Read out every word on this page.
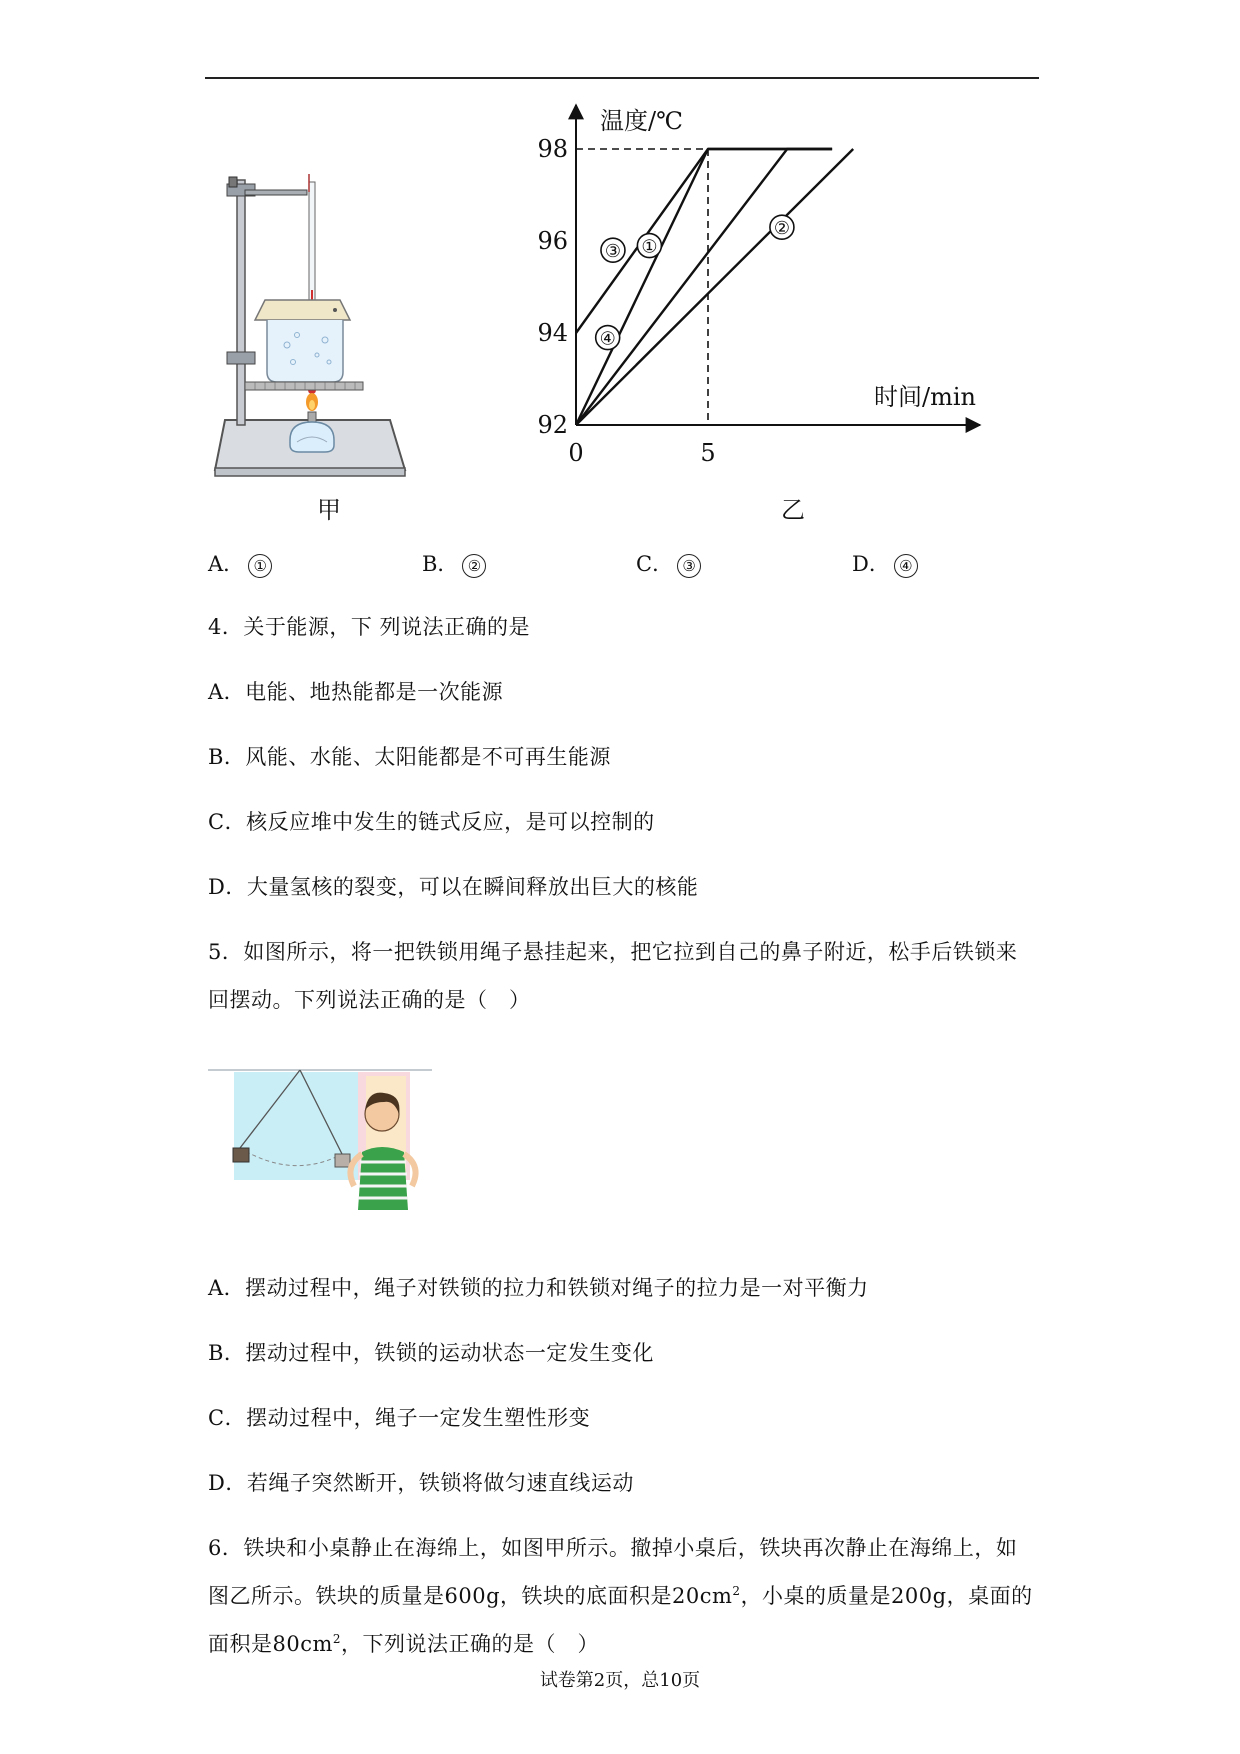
甲
92
94
96
98
0	5
温度/℃
时间/min
①
②
③
④
乙
A． ①	B． ②	C． ③	D． ④
4．关于能源，下 列说法正确的是
A．电能、地热能都是一次能源
B．风能、水能、太阳能都是不可再生能源
C．核反应堆中发生的链式反应，是可以控制的
D．大量氢核的裂变，可以在瞬间释放出巨大的核能
5．如图所示，将一把铁锁用绳子悬挂起来，把它拉到自己的鼻子附近，松手后铁锁来
回摆动。下列说法正确的是（　）
A．摆动过程中，绳子对铁锁的拉力和铁锁对绳子的拉力是一对平衡力
B．摆动过程中，铁锁的运动状态一定发生变化
C．摆动过程中，绳子一定发生塑性形变
D．若绳子突然断开，铁锁将做匀速直线运动
6．铁块和小桌静止在海绵上，如图甲所示。撤掉小桌后，铁块再次静止在海绵上，如
图乙所示。铁块的质量是600g，铁块的底面积是$20cm^2$，小桌的质量是200g，桌面的
面积是$80cm^2$，下列说法正确的是（　）
试卷第2页，总10页
